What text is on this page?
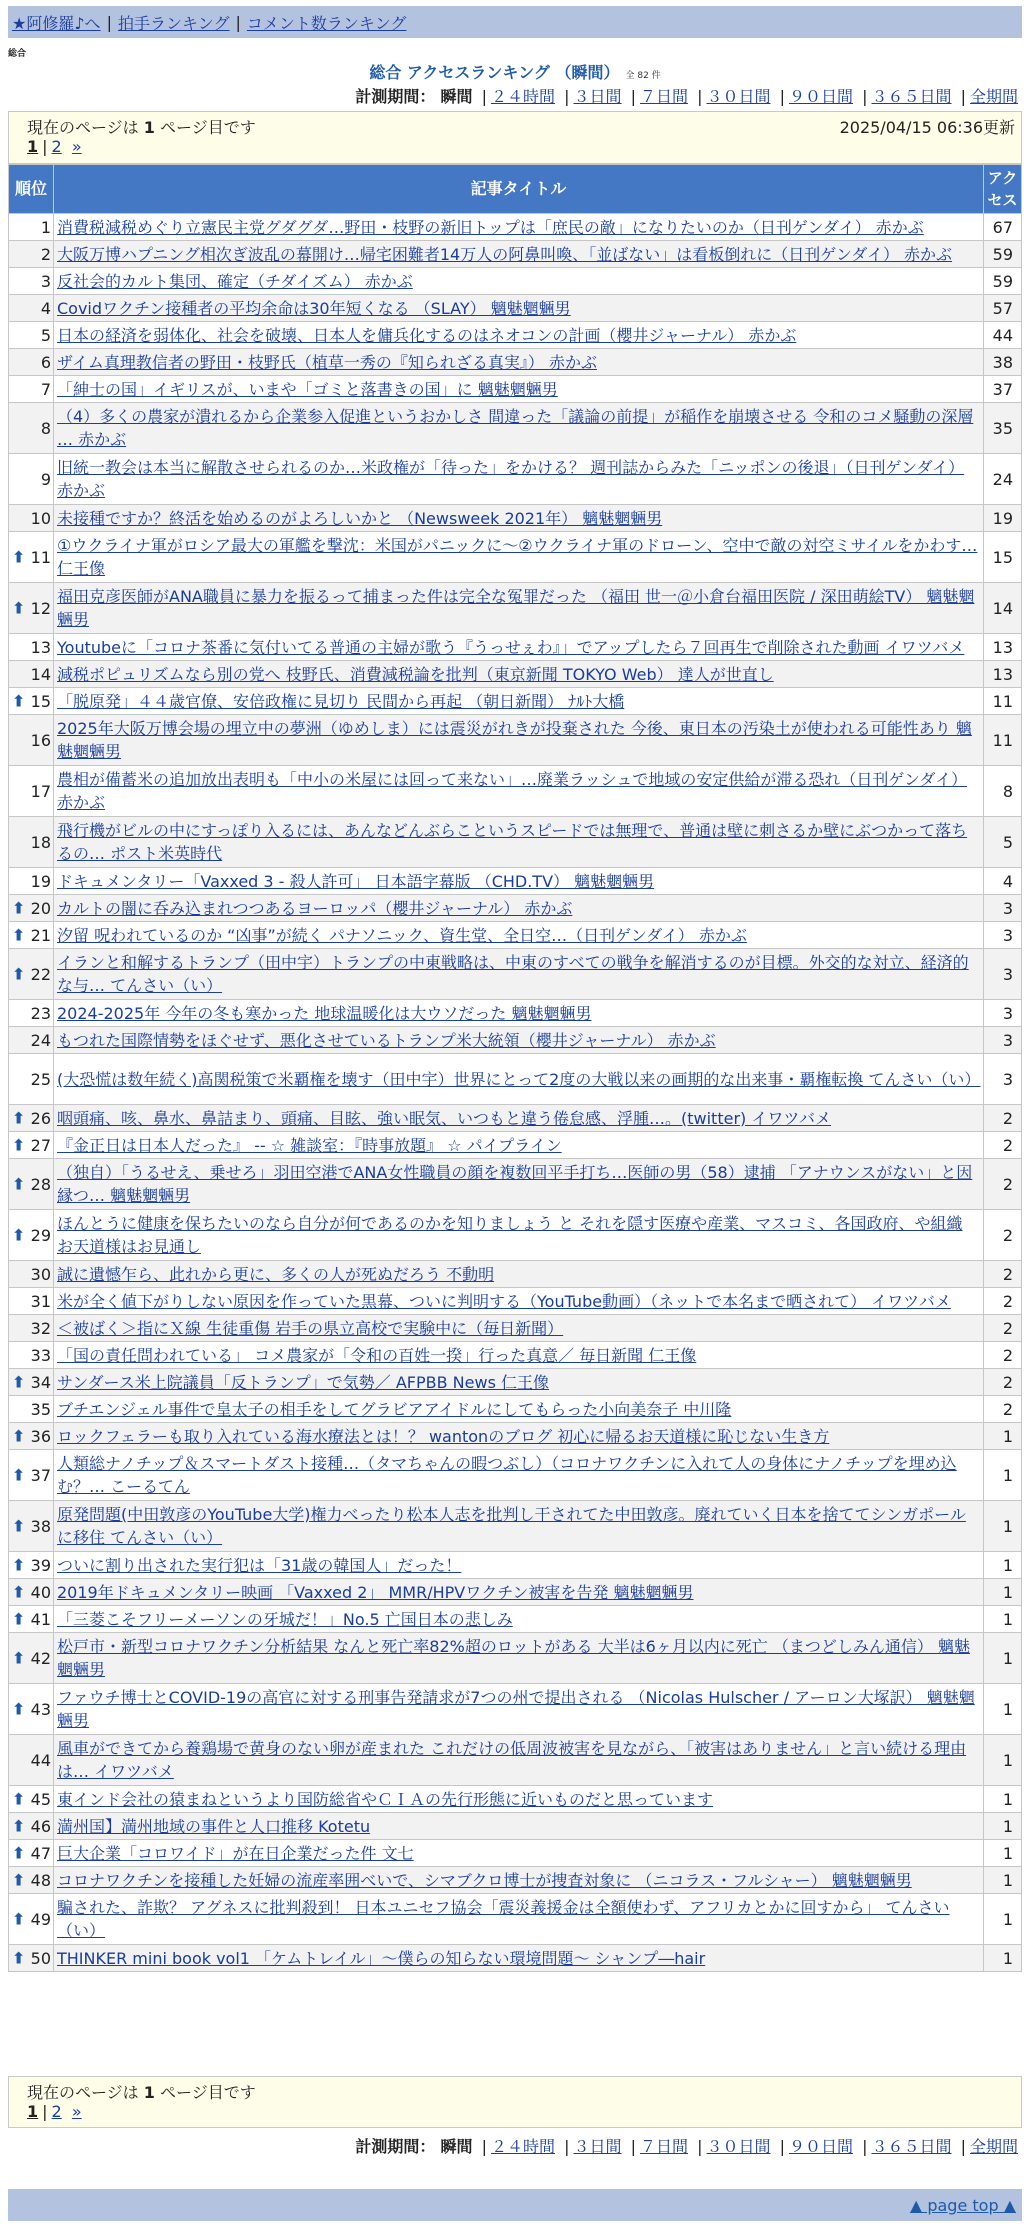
★阿修羅♪へ | 拍手ランキング | コメント数ランキング
総合
総合 アクセスランキング （瞬間） 全 82 件
計測期間： 瞬間 | ２４時間 | ３日間 | ７日間 | ３０日間 | ９０日間 | ３６５日間 | 全期間
現在のページは 1 ページ目です	2025/04/15 06:36更新
1 | 2 »
順位	記事タイトル	アクセス
1	消費税減税めぐり立憲民主党グダグダ…野田・枝野の新旧トップは「庶民の敵」になりたいのか（日刊ゲンダイ） 赤かぶ	67
2	大阪万博ハプニング相次ぎ波乱の幕開け…帰宅困難者14万人の阿鼻叫喚、「並ばない」は看板倒れに（日刊ゲンダイ） 赤かぶ	59
3	反社会的カルト集団、確定（チダイズム） 赤かぶ	59
4	Covidワクチン接種者の平均余命は30年短くなる （SLAY） 魑魅魍魎男	57
5	日本の経済を弱体化、社会を破壊、日本人を傭兵化するのはネオコンの計画（櫻井ジャーナル） 赤かぶ	44
6	ザイム真理教信者の野田・枝野氏（植草一秀の『知られざる真実』） 赤かぶ	38
7	「紳士の国」イギリスが、いまや「ゴミと落書きの国」に 魑魅魍魎男	37
8	（4）多くの農家が潰れるから企業参入促進というおかしさ 間違った「議論の前提」が稲作を崩壊させる 令和のコメ騒動の深層 … 赤かぶ	35
9	旧統一教会は本当に解散させられるのか…米政権が「待った」をかける？ 週刊誌からみた「ニッポンの後退」（日刊ゲンダイ） 赤かぶ	24
10	未接種ですか？終活を始めるのがよろしいかと （Newsweek 2021年） 魑魅魍魎男	19

⬆ 11	①ウクライナ軍がロシア最大の軍艦を撃沈：米国がパニックに～②ウクライナ軍のドローン、空中で敵の対空ミサイルをかわす… 仁王像	15

⬆ 12	福田克彦医師がANA職員に暴力を振るって捕まった件は完全な冤罪だった （福田 世一＠小倉台福田医院 / 深田萌絵TV） 魑魅魍魎男	14
13	Youtubeに「コロナ茶番に気付いてる普通の主婦が歌う『うっせぇわ』」でアップしたら７回再生で削除された動画 イワツバメ	13
14	減税ポピュリズムなら別の党へ 枝野氏、消費減税論を批判（東京新聞 TOKYO Web） 達人が世直し	13

⬆ 15	「脱原発」４４歳官僚、安倍政権に見切り 民間から再起 （朝日新聞） ﾅﾙﾄ大橋	11
16	2025年大阪万博会場の埋立中の夢洲（ゆめしま）には震災がれきが投棄された 今後、東日本の汚染土が使われる可能性あり 魑魅魍魎男	11
17	農相が備蓄米の追加放出表明も「中小の米屋には回って来ない」…廃業ラッシュで地域の安定供給が滞る恐れ（日刊ゲンダイ） 赤かぶ	8
18	飛行機がビルの中にすっぽり入るには、あんなどんぶらこというスピードでは無理で、普通は壁に刺さるか壁にぶつかって落ちるの… ポスト米英時代	5
19	ドキュメンタリー「Vaxxed 3 - 殺人許可」 日本語字幕版 （CHD.TV） 魑魅魍魎男	4

⬆ 20	カルトの闇に呑み込まれつつあるヨーロッパ（櫻井ジャーナル） 赤かぶ	3

⬆ 21	汐留 呪われているのか “凶事”が続く パナソニック、資生堂、全日空…（日刊ゲンダイ） 赤かぶ	3

⬆ 22	イランと和解するトランプ（田中宇）トランプの中東戦略は、中東のすべての戦争を解消するのが目標。外交的な対立、経済的な与… てんさい（い）	3
23	2024-2025年 今年の冬も寒かった 地球温暖化は大ウソだった 魑魅魍魎男	3
24	もつれた国際情勢をほぐせず、悪化させているトランプ米大統領（櫻井ジャーナル） 赤かぶ	3
25	(大恐慌は数年続く)高関税策で米覇権を壊す（田中宇）世界にとって2度の大戦以来の画期的な出来事・覇権転換 てんさい（い）	3

⬆ 26	咽頭痛、咳、鼻水、鼻詰まり、頭痛、目眩、強い眠気、いつもと違う倦怠感、浮腫…。(twitter) イワツバメ	2

⬆ 27	『金正日は日本人だった』 -- ☆ 雑談室：『時事放題』 ☆ パイプライン	2

⬆ 28	（独自）「うるせえ、乗せろ」羽田空港でANA女性職員の顔を複数回平手打ち…医師の男（58）逮捕 「アナウンスがない」と因縁つ… 魑魅魍魎男	2

⬆ 29	ほんとうに健康を保ちたいのなら自分が何であるのかを知りましょう と それを隠す医療や産業、マスコミ、各国政府、や組織 お天道様はお見通し	2
30	誠に遺憾乍ら、此れから更に、多くの人が死ぬだろう 不動明	2
31	米が全く値下がりしない原因を作っていた黒幕、ついに判明する（YouTube動画）（ネットで本名まで晒されて） イワツバメ	2
32	＜被ばく＞指にＸ線 生徒重傷 岩手の県立高校で実験中に（毎日新聞）	2
33	「国の責任問われている」 コメ農家が「令和の百姓一揆」行った真意／ 毎日新聞 仁王像	2

⬆ 34	サンダース米上院議員「反トランプ」で気勢／ AFPBB News 仁王像	2
35	ブチエンジェル事件で皇太子の相手をしてグラビアアイドルにしてもらった小向美奈子 中川隆	2

⬆ 36	ロックフェラーも取り入れている海水療法とは！？ wantonのブログ 初心に帰るお天道様に恥じない生き方	1

⬆ 37	人類総ナノチップ＆スマートダスト接種…（タマちゃんの暇つぶし）（コロナワクチンに入れて人の身体にナノチップを埋め込む？… こーるてん	1

⬆ 38	原発問題(中田敦彦のYouTube大学)権力べったり松本人志を批判し干されてた中田敦彦。廃れていく日本を捨ててシンガポールに移住 てんさい（い）	1

⬆ 39	ついに割り出された実行犯は「31歳の韓国人」だった！	1

⬆ 40	2019年ドキュメンタリー映画 「Vaxxed 2」 MMR/HPVワクチン被害を告発 魑魅魍魎男	1

⬆ 41	「三菱こそフリーメーソンの牙城だ！」No.5 亡国日本の悲しみ	1

⬆ 42	松戸市・新型コロナワクチン分析結果 なんと死亡率82%超のロットがある 大半は6ヶ月以内に死亡 （まつどしみん通信） 魑魅魍魎男	1

⬆ 43	ファウチ博士とCOVID-19の高官に対する刑事告発請求が7つの州で提出される （Nicolas Hulscher / アーロン大塚訳） 魑魅魍魎男	1
44	風車ができてから養鶏場で黄身のない卵が産まれた これだけの低周波被害を見ながら、「被害はありません」と言い続ける理由は… イワツバメ	1

⬆ 45	東インド会社の猿まねというより国防総省やＣＩＡの先行形態に近いものだと思っています	1

⬆ 46	満州国】満州地域の事件と人口推移 Kotetu	1

⬆ 47	巨大企業「コロワイド」が在日企業だった件 文七	1

⬆ 48	コロナワクチンを接種した妊婦の流産率囲べいで、シマブクロ博士が捜査対象に （ニコラス・フルシャー） 魑魅魍魎男	1

⬆ 49	騙された、詐欺？ アグネスに批判殺到！ 日本ユニセフ協会「震災義援金は全額使わず、アフリカとかに回すから」 てんさい（い）	1

⬆ 50	THINKER mini book vol1 「ケムトレイル」～僕らの知らない環境問題～ シャンプ―hair	1
現在のページは 1 ページ目です
1 | 2 »
計測期間： 瞬間 | ２４時間 | ３日間 | ７日間 | ３０日間 | ９０日間 | ３６５日間 | 全期間
▲ page top ▲
